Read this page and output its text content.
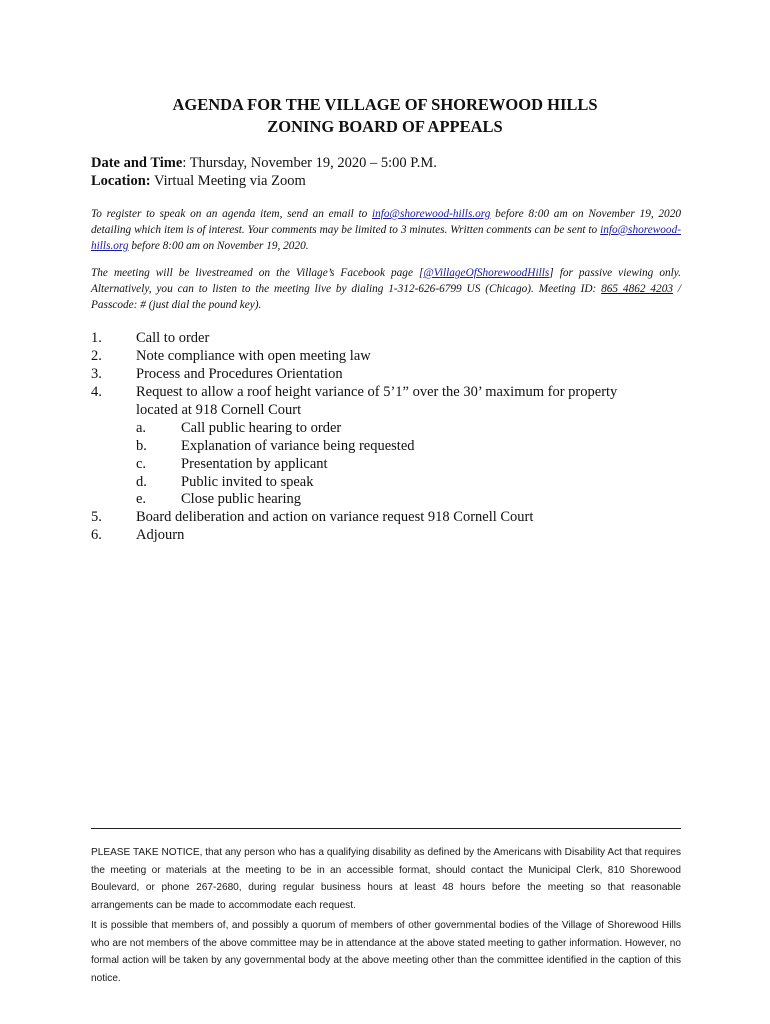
AGENDA FOR THE VILLAGE OF SHOREWOOD HILLS
ZONING BOARD OF APPEALS
Date and Time: Thursday, November 19, 2020 – 5:00 P.M.
Location: Virtual Meeting via Zoom
To register to speak on an agenda item, send an email to info@shorewood-hills.org before 8:00 am on November 19, 2020 detailing which item is of interest. Your comments may be limited to 3 minutes. Written comments can be sent to info@shorewood-hills.org before 8:00 am on November 19, 2020.
The meeting will be livestreamed on the Village’s Facebook page [@VillageOfShorewoodHills] for passive viewing only. Alternatively, you can to listen to the meeting live by dialing 1-312-626-6799 US (Chicago). Meeting ID: 865 4862 4203 / Passcode: # (just dial the pound key).
1. Call to order
2. Note compliance with open meeting law
3. Process and Procedures Orientation
4. Request to allow a roof height variance of 5’1” over the 30’ maximum for property
located at 918 Cornell Court
a. Call public hearing to order
b. Explanation of variance being requested
c. Presentation by applicant
d. Public invited to speak
e. Close public hearing
5. Board deliberation and action on variance request 918 Cornell Court
6. Adjourn
PLEASE TAKE NOTICE, that any person who has a qualifying disability as defined by the Americans with Disability Act that requires the meeting or materials at the meeting to be in an accessible format, should contact the Municipal Clerk, 810 Shorewood Boulevard, or phone 267-2680, during regular business hours at least 48 hours before the meeting so that reasonable arrangements can be made to accommodate each request.
It is possible that members of, and possibly a quorum of members of other governmental bodies of the Village of Shorewood Hills who are not members of the above committee may be in attendance at the above stated meeting to gather information. However, no formal action will be taken by any governmental body at the above meeting other than the committee identified in the caption of this notice.
